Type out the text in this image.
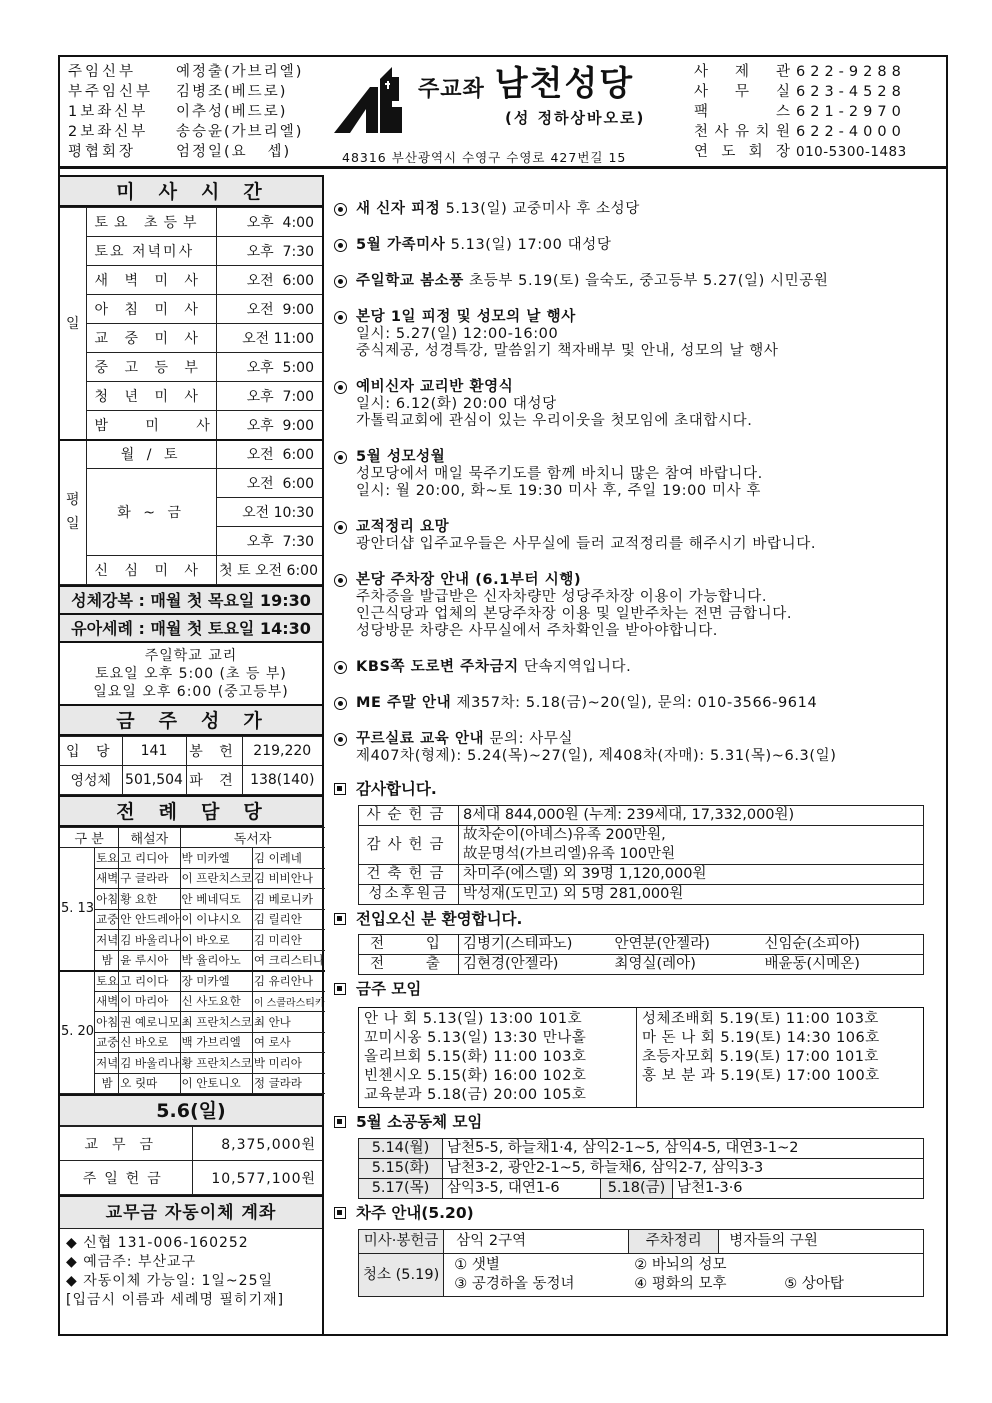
주임신부	예정출(가브리엘)
부주임신부	김병조(베드로)
1보좌신부	이추성(베드로)
2보좌신부	송승윤(가브리엘)
평협회장	엄정일(요   셉)
주교좌 남천성당
(성 정하상바오로)
48316 부산광역시 수영구 수영로 427번길 15
사 제 관 622-9288
사 무 실 623-4528
팩	스 621-2970
천 사 유 치 원 622-4000
연 도 회 장 010-5300-1483
미사시간
일	토요 초등부	오후  4:00
	토요 저녁미사	오후  7:30
	새 벽 미 사	오전  6:00
	아 침 미 사	오전  9:00
	교 중 미 사	오전 11:00
	중 고 등 부	오후  5:00
	청 년 미 사	오후  7:00
	밤   미   사	오후  9:00
평일	월 / 토	오전  6:00
	화 ~ 금	오전  6:00
		오전 10:30
		오후  7:30
	신 심 미 사	첫 토 오전 6:00
성체강복 : 매월 첫 목요일 19:30
유아세례 : 매월 첫 토요일 14:30
주일학교 교리
토요일 오후 5:00 (초 등 부)
일요일 오후 6:00 (중고등부)
금주성가
입 당	141	봉 헌	219,220
영성체	501,504	파 견	138(140)
전례담당
구 분		해설자	독서자	
5. 13	토요	고 리디아	박 미카엘	김 이레네
	새벽	구 글라라	이 프란치스코	김 비비안나
	아침	황 요한	안 베네딕도	김 베로니카
	교중	안 안드레아	이 이냐시오	김 릴리안
	저녁	김 바울리나	이 바오로	김 미리안
	밤	윤 루시아	박 율리아노	여 크리스티나
5. 20	토요	고 리이다	장 미카엘	김 유리안나
	새벽	이 마리아	신 사도요한	이 스콜라스티카
	아침	권 예로니모	최 프란치스코	최 안나
	교중	신 바오로	백 가브리엘	여 로사
	저녁	김 바울리나	황 프란치스코	박 미리아
	밤	오 릿따	이 안토니오	정 글라라
5.6(일)
교무금	8,375,000원
주일헌금	10,577,100원
교무금 자동이체 계좌
◆ 신협 131-006-160252
◆ 예금주: 부산교구
◆ 자동이체 가능일: 1일~25일
[입금시 이름과 세례명 필히기재]
새 신자 피정 5.13(일) 교중미사 후 소성당
5월 가족미사 5.13(일) 17:00 대성당
주일학교 봄소풍 초등부 5.19(토) 을숙도, 중고등부 5.27(일) 시민공원
본당 1일 피정 및 성모의 날 행사
일시: 5.27(일) 12:00-16:00
중식제공, 성경특강, 말씀읽기 책자배부 및 안내, 성모의 날 행사
예비신자 교리반 환영식
일시: 6.12(화) 20:00 대성당
가톨릭교회에 관심이 있는 우리이웃을 첫모임에 초대합시다.
5월 성모성월
성모당에서 매일 묵주기도를 함께 바치니 많은 참여 바랍니다.
일시: 월 20:00, 화~토 19:30 미사 후, 주일 19:00 미사 후
교적정리 요망
광안더샵 입주교우들은 사무실에 들러 교적정리를 해주시기 바랍니다.
본당 주차장 안내 (6.1부터 시행)
주차증을 발급받은 신자차량만 성당주차장 이용이 가능합니다.
인근식당과 업체의 본당주차장 이용 및 일반주차는 전면 금합니다.
성당방문 차량은 사무실에서 주차확인을 받아야합니다.
KBS쪽 도로변 주차금지 단속지역입니다.
ME 주말 안내 제357차: 5.18(금)~20(일), 문의: 010-3566-9614
꾸르실료 교육 안내 문의: 사무실
제407차(형제): 5.24(목)~27(일), 제408차(자매): 5.31(목)~6.3(일)
감사합니다.
사순헌금	8세대 844,000원 (누계: 239세대, 17,332,000원)
감사헌금	故차순이(아녜스)유족 200만원,
故문명석(가브리엘)유족 100만원

건축헌금	차미주(에스델) 외 39명 1,120,000원
성소후원금	박성재(도민고) 외 5명 281,000원
전입오신 분 환영합니다.
전   입	김병기(스테파노)	안연분(안젤라)	신임순(소피아)
전   출	김현경(안젤라)	최영실(레아)	배윤동(시메온)
금주 모임
안 나 회 5.13(일) 13:00 101호
꼬미시옹 5.13(일) 13:30 만나홀
올리브회 5.15(화) 11:00 103호
빈첸시오 5.15(화) 16:00 102호
교육분과 5.18(금) 20:00 105호
성체조배회 5.19(토) 11:00 103호
마 돈 나 회 5.19(토) 14:30 106호
초등자모회 5.19(토) 17:00 101호
홍 보 분 과 5.19(토) 17:00 100호
5월 소공동체 모임
5.14(월)	남천5-5, 하늘채1·4, 삼익2-1~5, 삼익4-5, 대연3-1~2		
5.15(화)	남천3-2, 광안2-1~5, 하늘채6, 삼익2-7, 삼익3-3		
5.17(목)	삼익3-5, 대연1-6	5.18(금)	남천1-3·6
차주 안내(5.20)
미사·봉헌금	삼익 2구역	주차정리	병자들의 구원
청소 (5.19)	① 샛별 ② 바뇌의 성모
③ 공경하올 동정녀 ④ 평화의 모후 ⑤ 상아탑		
